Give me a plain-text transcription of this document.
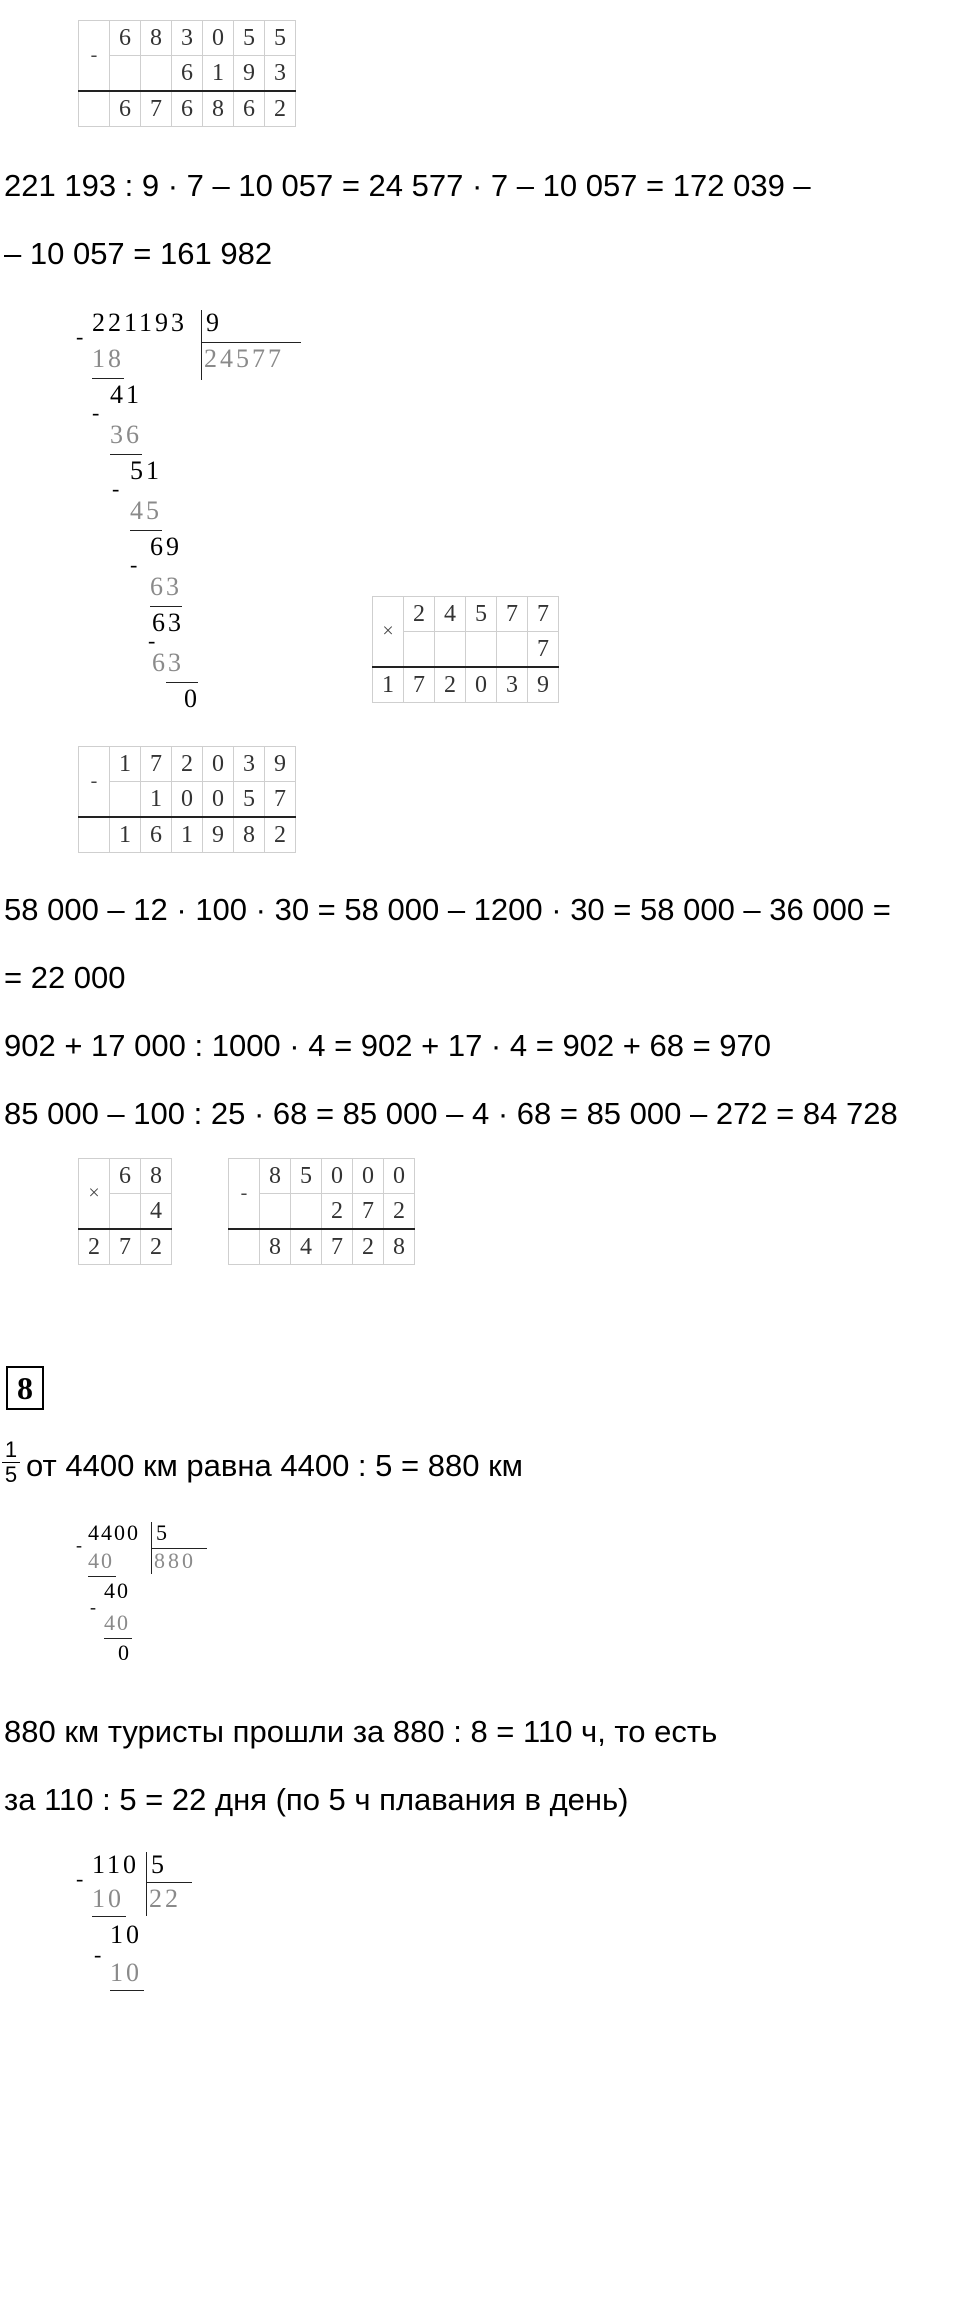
-	6	8	3	0	5	5
			6	1	9	3
	6	7	6	8	6	2
221 193 : 9 · 7 – 10 057 = 24 577 · 7 – 10 057 = 172 039 –
– 10 057 = 161 982

-

221193

9

24577

18

41

-

36

51

-

45

69

-

63

63

-

63

0

×	2	4	5	7	7
					7
1	7	2	0	3	9
-	1	7	2	0	3	9
		1	0	0	5	7
	1	6	1	9	8	2
58 000 – 12 · 100 · 30 = 58 000 – 1200 · 30 = 58 000 – 36 000 =
= 22 000
902 + 17 000 : 1000 · 4 = 902 + 17 · 4 = 902 + 68 = 970
85 000 – 100 : 25 · 68 = 85 000 – 4 · 68 = 85 000 – 272 = 84 728
×	6	8
		4
2	7	2
-	8	5	0	0	0
			2	7	2
	8	4	7	2	8
8
$\frac{1}{5}$ от 4400 км равна 4400 : 5 = 880 км

-

4400

5

880

40

40

-

40

0

880 км туристы прошли за 880 : 8 = 110 ч, то есть
за 110 : 5 = 22 дня (по 5 ч плавания в день)

-

110

5

22

10

10

-

10
